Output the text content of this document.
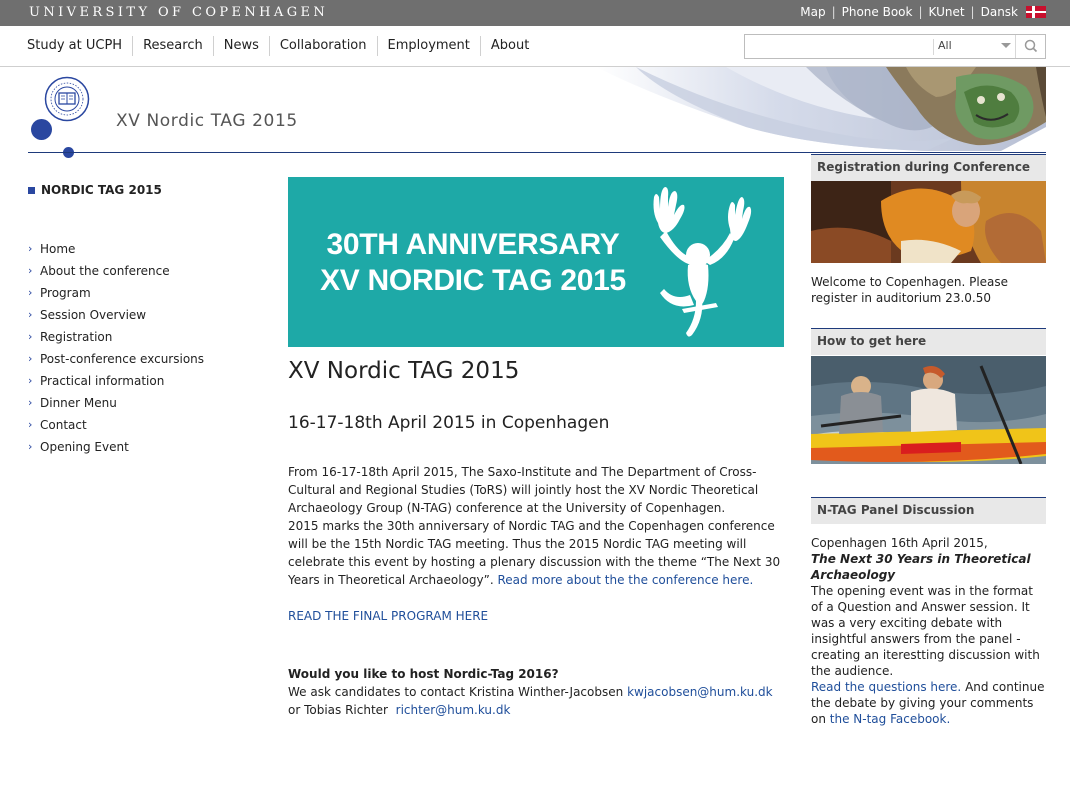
UNIVERSITY OF COPENHAGEN	Map | Phone Book | KUnet | Dansk
Study at UCPH	Research	News	Collaboration	Employment	About	All
XV Nordic TAG 2015
NORDIC TAG 2015
› Home
› About the conference
› Program
› Session Overview
› Registration
› Post-conference excursions
› Practical information
› Dinner Menu
› Contact
› Opening Event
30TH ANNIVERSARY
XV NORDIC TAG 2015
XV Nordic TAG 2015
16-17-18th April 2015 in Copenhagen
From 16-17-18th April 2015, The Saxo-Institute and The Department of Cross-Cultural and Regional Studies (ToRS) will jointly host the XV Nordic Theoretical Archaeology Group (N-TAG) conference at the University of Copenhagen.
2015 marks the 30th anniversary of Nordic TAG and the Copenhagen conference will be the 15th Nordic TAG meeting. Thus the 2015 Nordic TAG meeting will celebrate this event by hosting a plenary discussion with the theme “The Next 30 Years in Theoretical Archaeology”. Read more about the the conference here.
READ THE FINAL PROGRAM HERE
Would you like to host Nordic-Tag 2016?
We ask candidates to contact Kristina Winther-Jacobsen kwjacobsen@hum.ku.dk
or Tobias Richter richter@hum.ku.dk
Registration during Conference
Welcome to Copenhagen. Please register in auditorium 23.0.50
How to get here
N-TAG Panel Discussion
Copenhagen 16th April 2015,
The Next 30 Years in Theoretical Archaeology
The opening event was in the format of a Question and Answer session. It was a very exciting debate with insightful answers from the panel - creating an iterestting discussion with the audience.
Read the questions here. And continue the debate by giving your comments on the N-tag Facebook.
